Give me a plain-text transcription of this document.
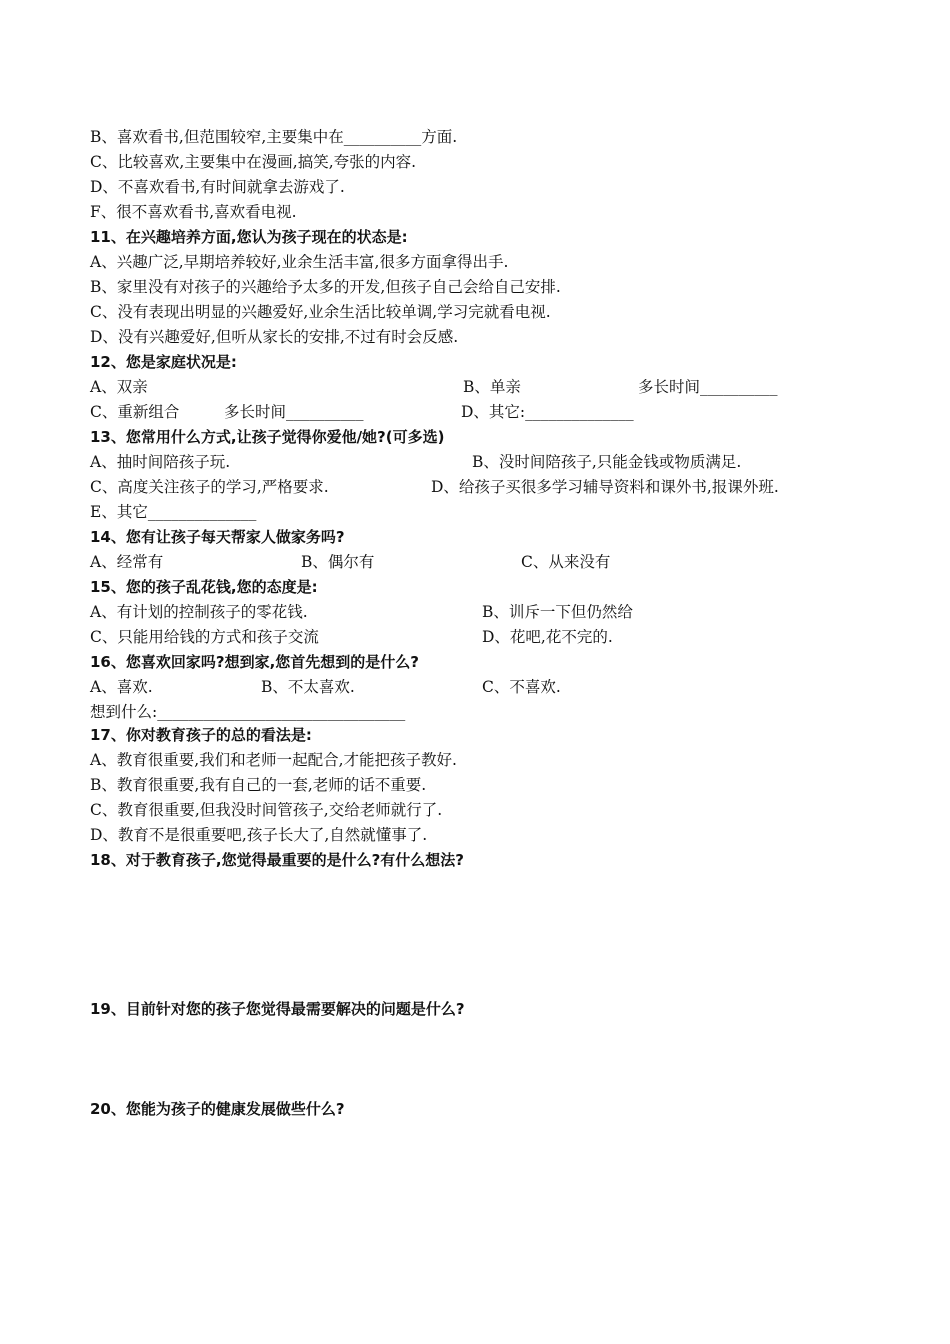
B、喜欢看书,但范围较窄,主要集中在__________方面.
C、比较喜欢,主要集中在漫画,搞笑,夸张的内容.
D、不喜欢看书,有时间就拿去游戏了.
F、很不喜欢看书,喜欢看电视.
11、在兴趣培养方面,您认为孩子现在的状态是:
A、兴趣广泛,早期培养较好,业余生活丰富,很多方面拿得出手.
B、家里没有对孩子的兴趣给予太多的开发,但孩子自己会给自己安排.
C、没有表现出明显的兴趣爱好,业余生活比较单调,学习完就看电视.
D、没有兴趣爱好,但听从家长的安排,不过有时会反感.
12、您是家庭状况是:
A、双亲	B、单亲	多长时间__________
C、重新组合	多长时间__________	D、其它:______________
13、您常用什么方式,让孩子觉得你爱他/她?(可多选)
A、抽时间陪孩子玩.	B、没时间陪孩子,只能金钱或物质满足.
C、高度关注孩子的学习,严格要求.	D、给孩子买很多学习辅导资料和课外书,报课外班.
E、其它______________
14、您有让孩子每天帮家人做家务吗?
A、经常有	B、偶尔有	C、从来没有
15、您的孩子乱花钱,您的态度是:
A、有计划的控制孩子的零花钱.	B、训斥一下但仍然给
C、只能用给钱的方式和孩子交流	D、花吧,花不完的.
16、您喜欢回家吗?想到家,您首先想到的是什么?
A、喜欢.	B、不太喜欢.	C、不喜欢.
想到什么:________________________________
17、你对教育孩子的总的看法是:
A、教育很重要,我们和老师一起配合,才能把孩子教好.
B、教育很重要,我有自己的一套,老师的话不重要.
C、教育很重要,但我没时间管孩子,交给老师就行了.
D、教育不是很重要吧,孩子长大了,自然就懂事了.
18、对于教育孩子,您觉得最重要的是什么?有什么想法?
19、目前针对您的孩子您觉得最需要解决的问题是什么?
20、您能为孩子的健康发展做些什么?
